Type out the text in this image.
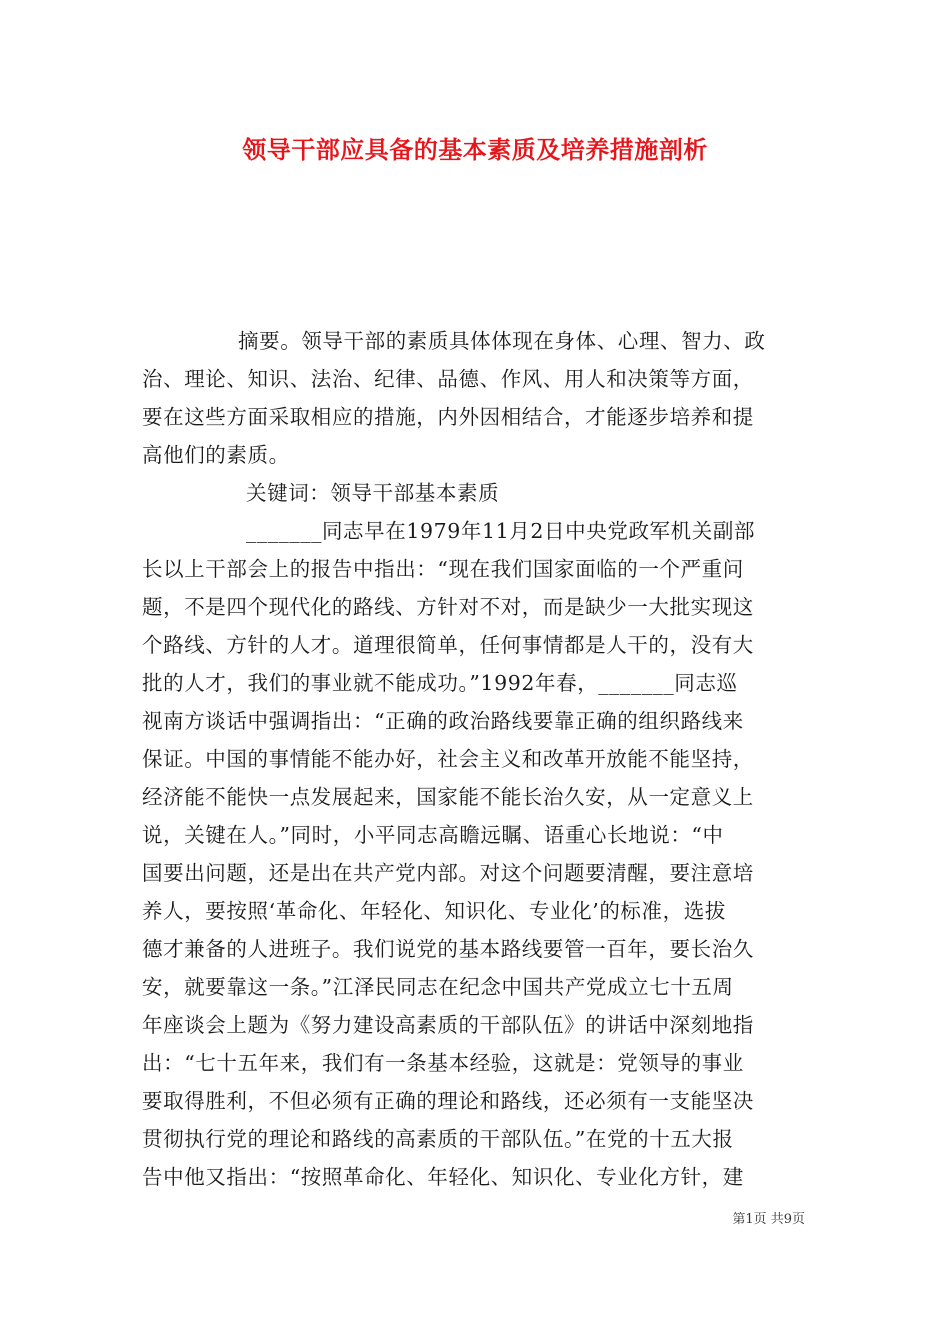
领导干部应具备的基本素质及培养措施剖析
摘要。领导干部的素质具体体现在身体、心理、智力、政
治、理论、知识、法治、纪律、品德、作风、用人和决策等方面，
要在这些方面采取相应的措施，内外因相结合，才能逐步培养和提
高他们的素质。
关键词：领导干部基本素质
_______同志早在1979年11月2日中央党政军机关副部
长以上干部会上的报告中指出：“现在我们国家面临的一个严重问
题，不是四个现代化的路线、方针对不对，而是缺少一大批实现这
个路线、方针的人才。道理很简单，任何事情都是人干的，没有大
批的人才，我们的事业就不能成功。”1992年春，_______同志巡
视南方谈话中强调指出：“正确的政治路线要靠正确的组织路线来
保证。中国的事情能不能办好，社会主义和改革开放能不能坚持，
经济能不能快一点发展起来，国家能不能长治久安，从一定意义上
说，关键在人。”同时，小平同志高瞻远瞩、语重心长地说：“中
国要出问题，还是出在共产党内部。对这个问题要清醒，要注意培
养人，要按照‘革命化、年轻化、知识化、专业化’的标准，选拔
德才兼备的人进班子。我们说党的基本路线要管一百年，要长治久
安，就要靠这一条。”江泽民同志在纪念中国共产党成立七十五周
年座谈会上题为《努力建设高素质的干部队伍》的讲话中深刻地指
出：“七十五年来，我们有一条基本经验，这就是：党领导的事业
要取得胜利，不但必须有正确的理论和路线，还必须有一支能坚决
贯彻执行党的理论和路线的高素质的干部队伍。”在党的十五大报
告中他又指出：“按照革命化、年轻化、知识化、专业化方针，建
第1页 共9页
